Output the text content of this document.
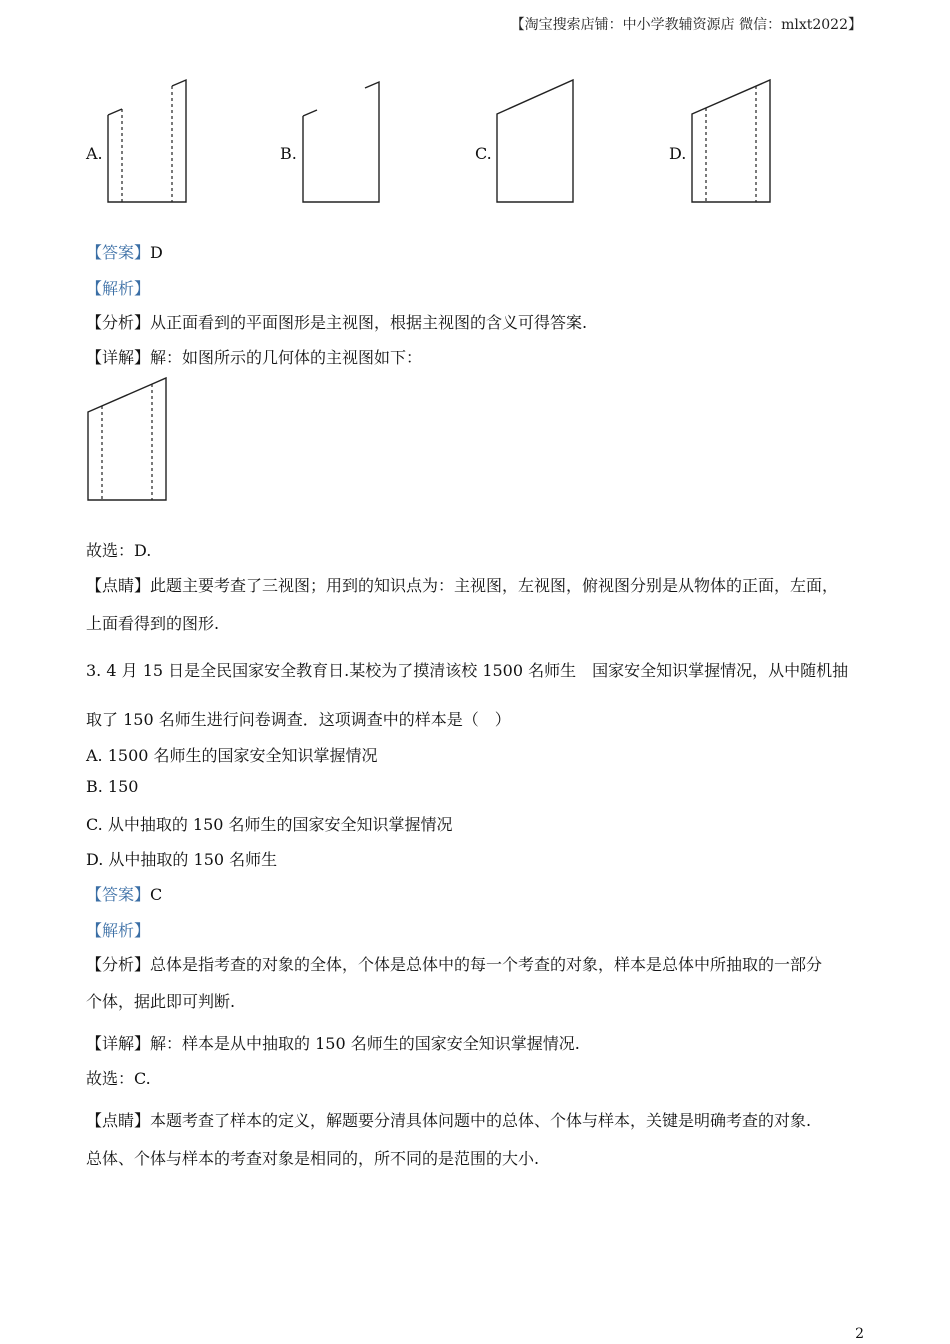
【淘宝搜索店铺：中小学教辅资源店 微信：mlxt2022】
A.	B.	C.	D.
【答案】D
【解析】
【分析】从正面看到的平面图形是主视图，根据主视图的含义可得答案.
【详解】解：如图所示的几何体的主视图如下：
故选：D.
【点睛】此题主要考查了三视图；用到的知识点为：主视图，左视图，俯视图分别是从物体的正面，左面，
上面看得到的图形.
3. 4 月 15 日是全民国家安全教育日.某校为了摸清该校 1500 名师生　国家安全知识掌握情况，从中随机抽
取了 150 名师生进行问卷调查．这项调查中的样本是（　）
A. 1500 名师生的国家安全知识掌握情况
B. 150
C. 从中抽取的 150 名师生的国家安全知识掌握情况
D. 从中抽取的 150 名师生
【答案】C
【解析】
【分析】总体是指考查的对象的全体，个体是总体中的每一个考查的对象，样本是总体中所抽取的一部分
个体，据此即可判断.
【详解】解：样本是从中抽取的 150 名师生的国家安全知识掌握情况.
故选：C.
【点睛】本题考查了样本的定义，解题要分清具体问题中的总体、个体与样本，关键是明确考查的对象.
总体、个体与样本的考查对象是相同的，所不同的是范围的大小.
2
